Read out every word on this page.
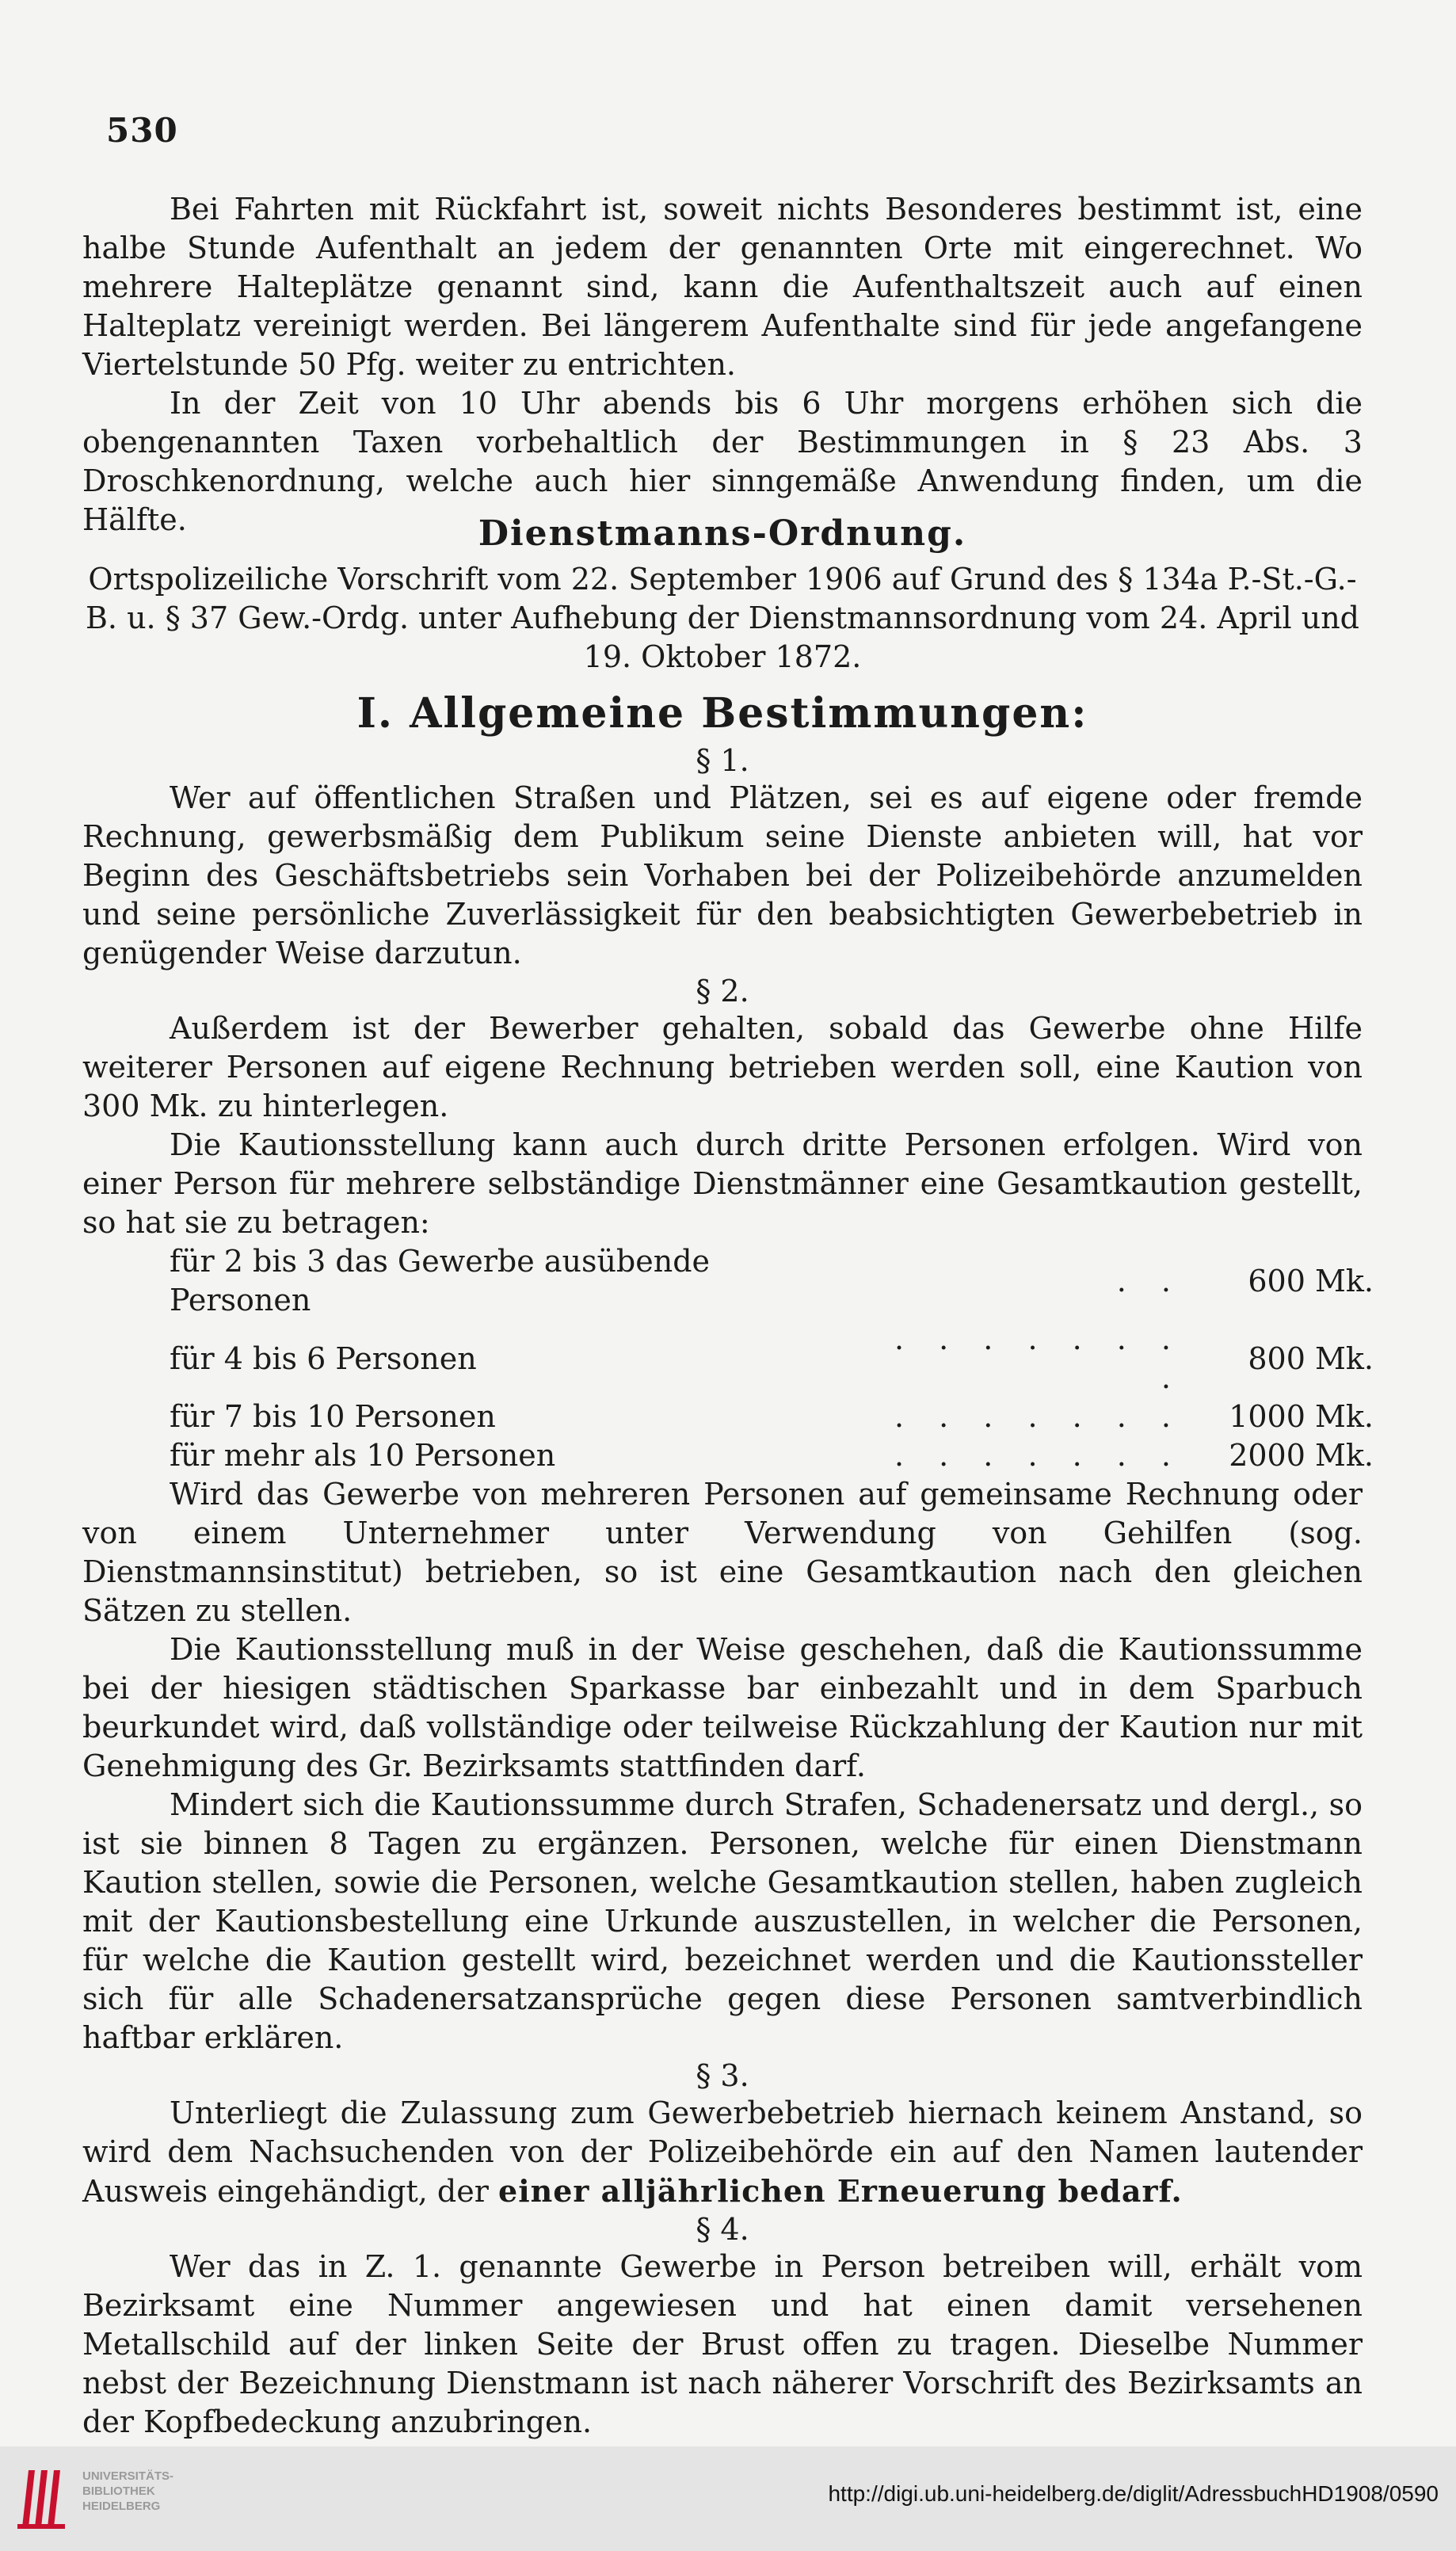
530

Bei Fahrten mit Rückfahrt ist, soweit nichts Besonderes bestimmt ist, eine halbe Stunde Aufenthalt an jedem der genannten Orte mit eingerechnet. Wo mehrere Halteplätze genannt sind, kann die Aufenthaltszeit auch auf einen Halteplatz vereinigt werden. Bei längerem Aufenthalte sind für jede angefangene Viertelstunde 50 Pfg. weiter zu entrichten.

In der Zeit von 10 Uhr abends bis 6 Uhr morgens erhöhen sich die obengenannten Taxen vorbehaltlich der Bestimmungen in § 23 Abs. 3 Droschkenordnung, welche auch hier sinngemäße Anwendung finden, um die Hälfte.	Dienstmanns-Ordnung.

Ortspolizeiliche Vorschrift vom 22. September 1906 auf Grund des § 134a P.-St.-G.-B. u. § 37 Gew.-Ordg. unter Aufhebung der Dienstmannsordnung vom 24. April und 19. Oktober 1872.

I. Allgemeine Bestimmungen:

§ 1.

Wer auf öffentlichen Straßen und Plätzen, sei es auf eigene oder fremde Rechnung, gewerbsmäßig dem Publikum seine Dienste anbieten will, hat vor Beginn des Geschäftsbetriebs sein Vorhaben bei der Polizeibehörde anzumelden und seine persönliche Zuverlässigkeit für den beabsichtigten Gewerbebetrieb in genügender Weise darzutun.

§ 2.

Außerdem ist der Bewerber gehalten, sobald das Gewerbe ohne Hilfe weiterer Personen auf eigene Rechnung betrieben werden soll, eine Kaution von 300 Mk. zu hinterlegen.

Die Kautionsstellung kann auch durch dritte Personen erfolgen. Wird von einer Person für mehrere selbständige Dienstmänner eine Gesamtkaution gestellt, so hat sie zu betragen:

für 2 bis 3 das Gewerbe ausübende Personen	. .	600 Mk.
für 4 bis 6 Personen	. . . . . . . .	800 Mk.
für 7 bis 10 Personen	. . . . . . .	1000 Mk.
für mehr als 10 Personen	. . . . . . .	2000 Mk.

Wird das Gewerbe von mehreren Personen auf gemeinsame Rechnung oder von einem Unternehmer unter Verwendung von Gehilfen (sog. Dienstmannsinstitut) betrieben, so ist eine Gesamtkaution nach den gleichen Sätzen zu stellen.

Die Kautionsstellung muß in der Weise geschehen, daß die Kautionssumme bei der hiesigen städtischen Sparkasse bar einbezahlt und in dem Sparbuch beurkundet wird, daß vollständige oder teilweise Rückzahlung der Kaution nur mit Genehmigung des Gr. Bezirksamts stattfinden darf.

Mindert sich die Kautionssumme durch Strafen, Schadenersatz und dergl., so ist sie binnen 8 Tagen zu ergänzen. Personen, welche für einen Dienstmann Kaution stellen, sowie die Personen, welche Gesamtkaution stellen, haben zugleich mit der Kautionsbestellung eine Urkunde auszustellen, in welcher die Personen, für welche die Kaution gestellt wird, bezeichnet werden und die Kautionssteller sich für alle Schadenersatzansprüche gegen diese Personen samtverbindlich haftbar erklären.

§ 3.

Unterliegt die Zulassung zum Gewerbebetrieb hiernach keinem Anstand, so wird dem Nachsuchenden von der Polizeibehörde ein auf den Namen lautender Ausweis eingehändigt, der einer alljährlichen Erneuerung bedarf.

§ 4.

Wer das in Z. 1. genannte Gewerbe in Person betreiben will, erhält vom Bezirksamt eine Nummer angewiesen und hat einen damit versehenen Metallschild auf der linken Seite der Brust offen zu tragen. Dieselbe Nummer nebst der Bezeichnung Dienstmann ist nach näherer Vorschrift des Bezirksamts an der Kopfbedeckung anzubringen.

UNIVERSITÄTS-
BIBLIOTHEK
HEIDELBERG
http://digi.ub.uni-heidelberg.de/diglit/AdressbuchHD1908/0590
